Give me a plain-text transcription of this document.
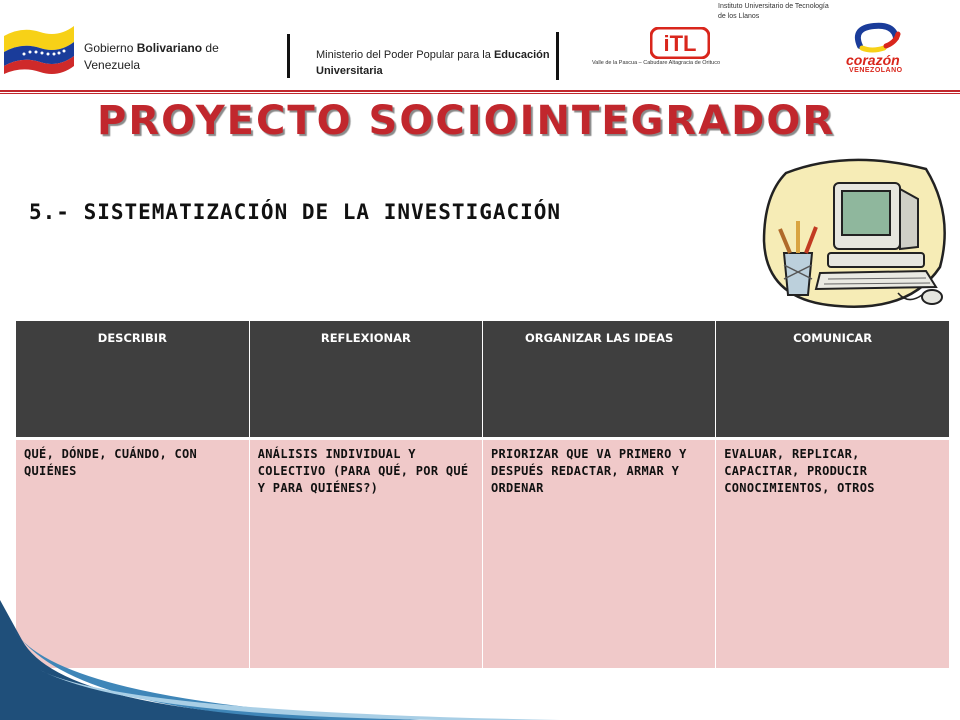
Gobierno Bolivariano de
Venezuela
Ministerio del Poder Popular para la Educación
Universitaria
iTL
Instituto Universitario de Tecnología de los Llanos
Valle de la Pascua – Cabudare Altagracia de Orituco	corazón
VENEZOLANO
PROYECTO SOCIOINTEGRADOR
5.- SISTEMATIZACIÓN DE LA INVESTIGACIÓN
DESCRIBIR	REFLEXIONAR	ORGANIZAR LAS IDEAS	COMUNICAR
QUÉ, DÓNDE, CUÁNDO, CON QUIÉNES	ANÁLISIS INDIVIDUAL Y COLECTIVO (PARA QUÉ, POR QUÉ Y PARA QUIÉNES?)	PRIORIZAR QUE VA PRIMERO Y DESPUÉS REDACTAR, ARMAR Y ORDENAR	EVALUAR, REPLICAR, CAPACITAR, PRODUCIR CONOCIMIENTOS, OTROS
